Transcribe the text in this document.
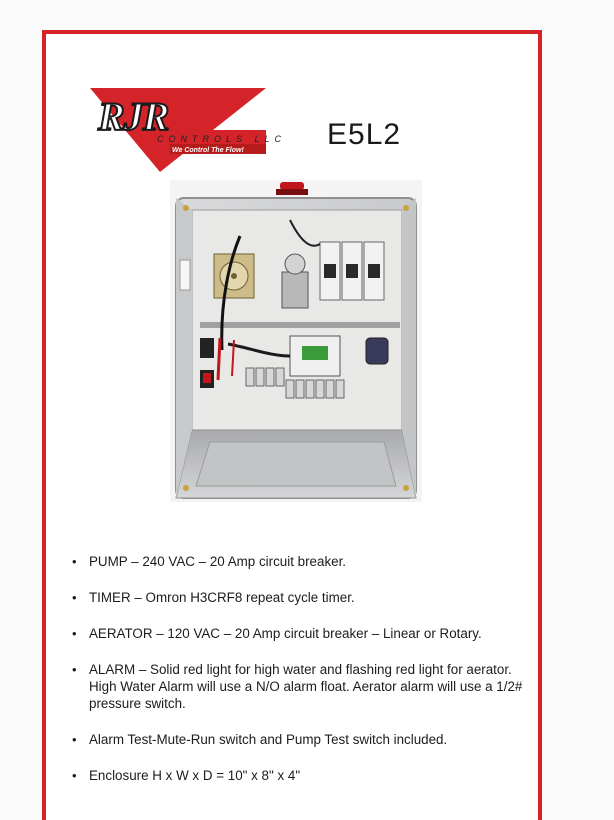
RJR
CONTROLS LLC
We Control The Flow!	E5L2
• PUMP – 240 VAC – 20 Amp circuit breaker.
• TIMER – Omron H3CRF8 repeat cycle timer.
• AERATOR – 120 VAC – 20 Amp circuit breaker – Linear or Rotary.
• ALARM – Solid red light for high water and flashing red light for aerator. High Water Alarm will use a N/O alarm float. Aerator alarm will use a 1/2# pressure switch.
• Alarm Test-Mute-Run switch and Pump Test switch included.
• Enclosure H x W x D = 10" x 8" x 4"
